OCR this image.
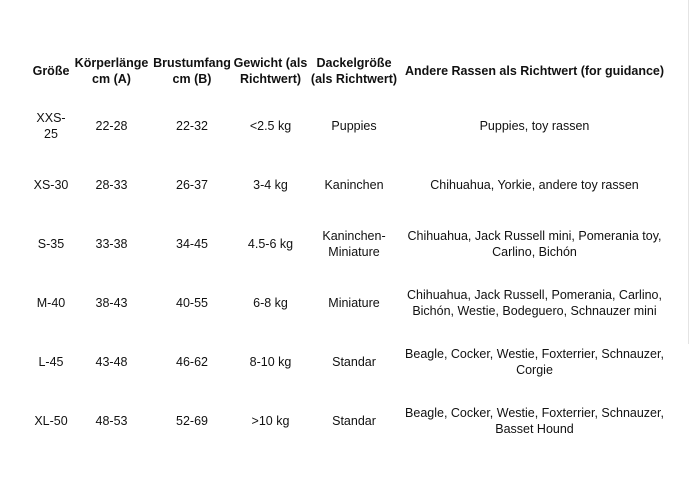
Größe	Körperlänge cm (A)	Brustumfang cm (B)	Gewicht (als Richtwert)	Dackelgröße (als Richtwert)	Andere Rassen als Richtwert (for guidance)
XXS-25	22-28	22-32	<2.5 kg	Puppies	Puppies, toy rassen
XS-30	28-33	26-37	3-4 kg	Kaninchen	Chihuahua, Yorkie, andere toy rassen
S-35	33-38	34-45	4.5-6 kg	Kaninchen-Miniature	Chihuahua, Jack Russell mini, Pomerania toy, Carlino, Bichón
M-40	38-43	40-55	6-8 kg	Miniature	Chihuahua, Jack Russell, Pomerania, Carlino, Bichón, Westie, Bodeguero, Schnauzer mini
L-45	43-48	46-62	8-10 kg	Standar	Beagle, Cocker, Westie, Foxterrier, Schnauzer, Corgie
XL-50	48-53	52-69	>10 kg	Standar	Beagle, Cocker, Westie, Foxterrier, Schnauzer, Basset Hound
